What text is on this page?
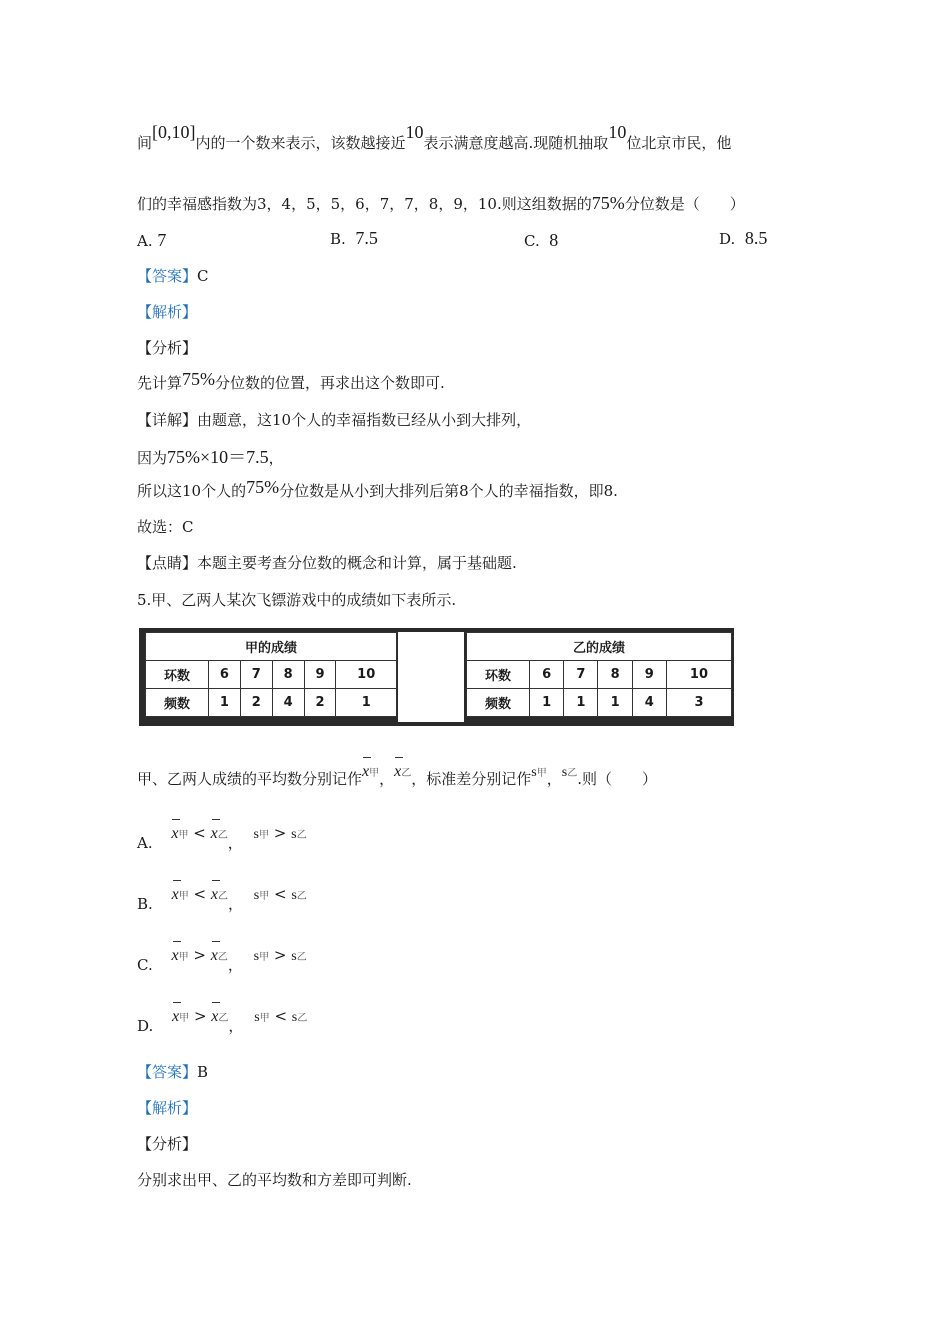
间[0,10]内的一个数来表示，该数越接近10表示满意度越高.现随机抽取10位北京市民，他
们的幸福感指数为3，4，5，5，6，7，7，8，9，10.则这组数据的75%分位数是（　　）
A. 7	B. 7.5	C. 8	D. 8.5
【答案】C
【解析】
【分析】
先计算75%分位数的位置，再求出这个数即可.
【详解】由题意，这10个人的幸福指数已经从小到大排列，
因为75%×10＝7.5，
所以这10个人的75%分位数是从小到大排列后第8个人的幸福指数，即8.
故选：C
【点睛】本题主要考查分位数的概念和计算，属于基础题.
5.甲、乙两人某次飞镖游戏中的成绩如下表所示.
甲的成绩					
环数	6	7	8	9	10
频数	1	2	4	2	1
乙的成绩					
环数	6	7	8	9	10
频数	1	1	1	4	3
甲、乙两人成绩的平均数分别记作x甲，x乙，标准差分别记作s甲，s乙.则（　　）
A. x甲 < x乙， s甲 > s乙
B. x甲 < x乙， s甲 < s乙
C. x甲 > x乙， s甲 > s乙
D. x甲 > x乙， s甲 < s乙
【答案】B
【解析】
【分析】
分别求出甲、乙的平均数和方差即可判断.
